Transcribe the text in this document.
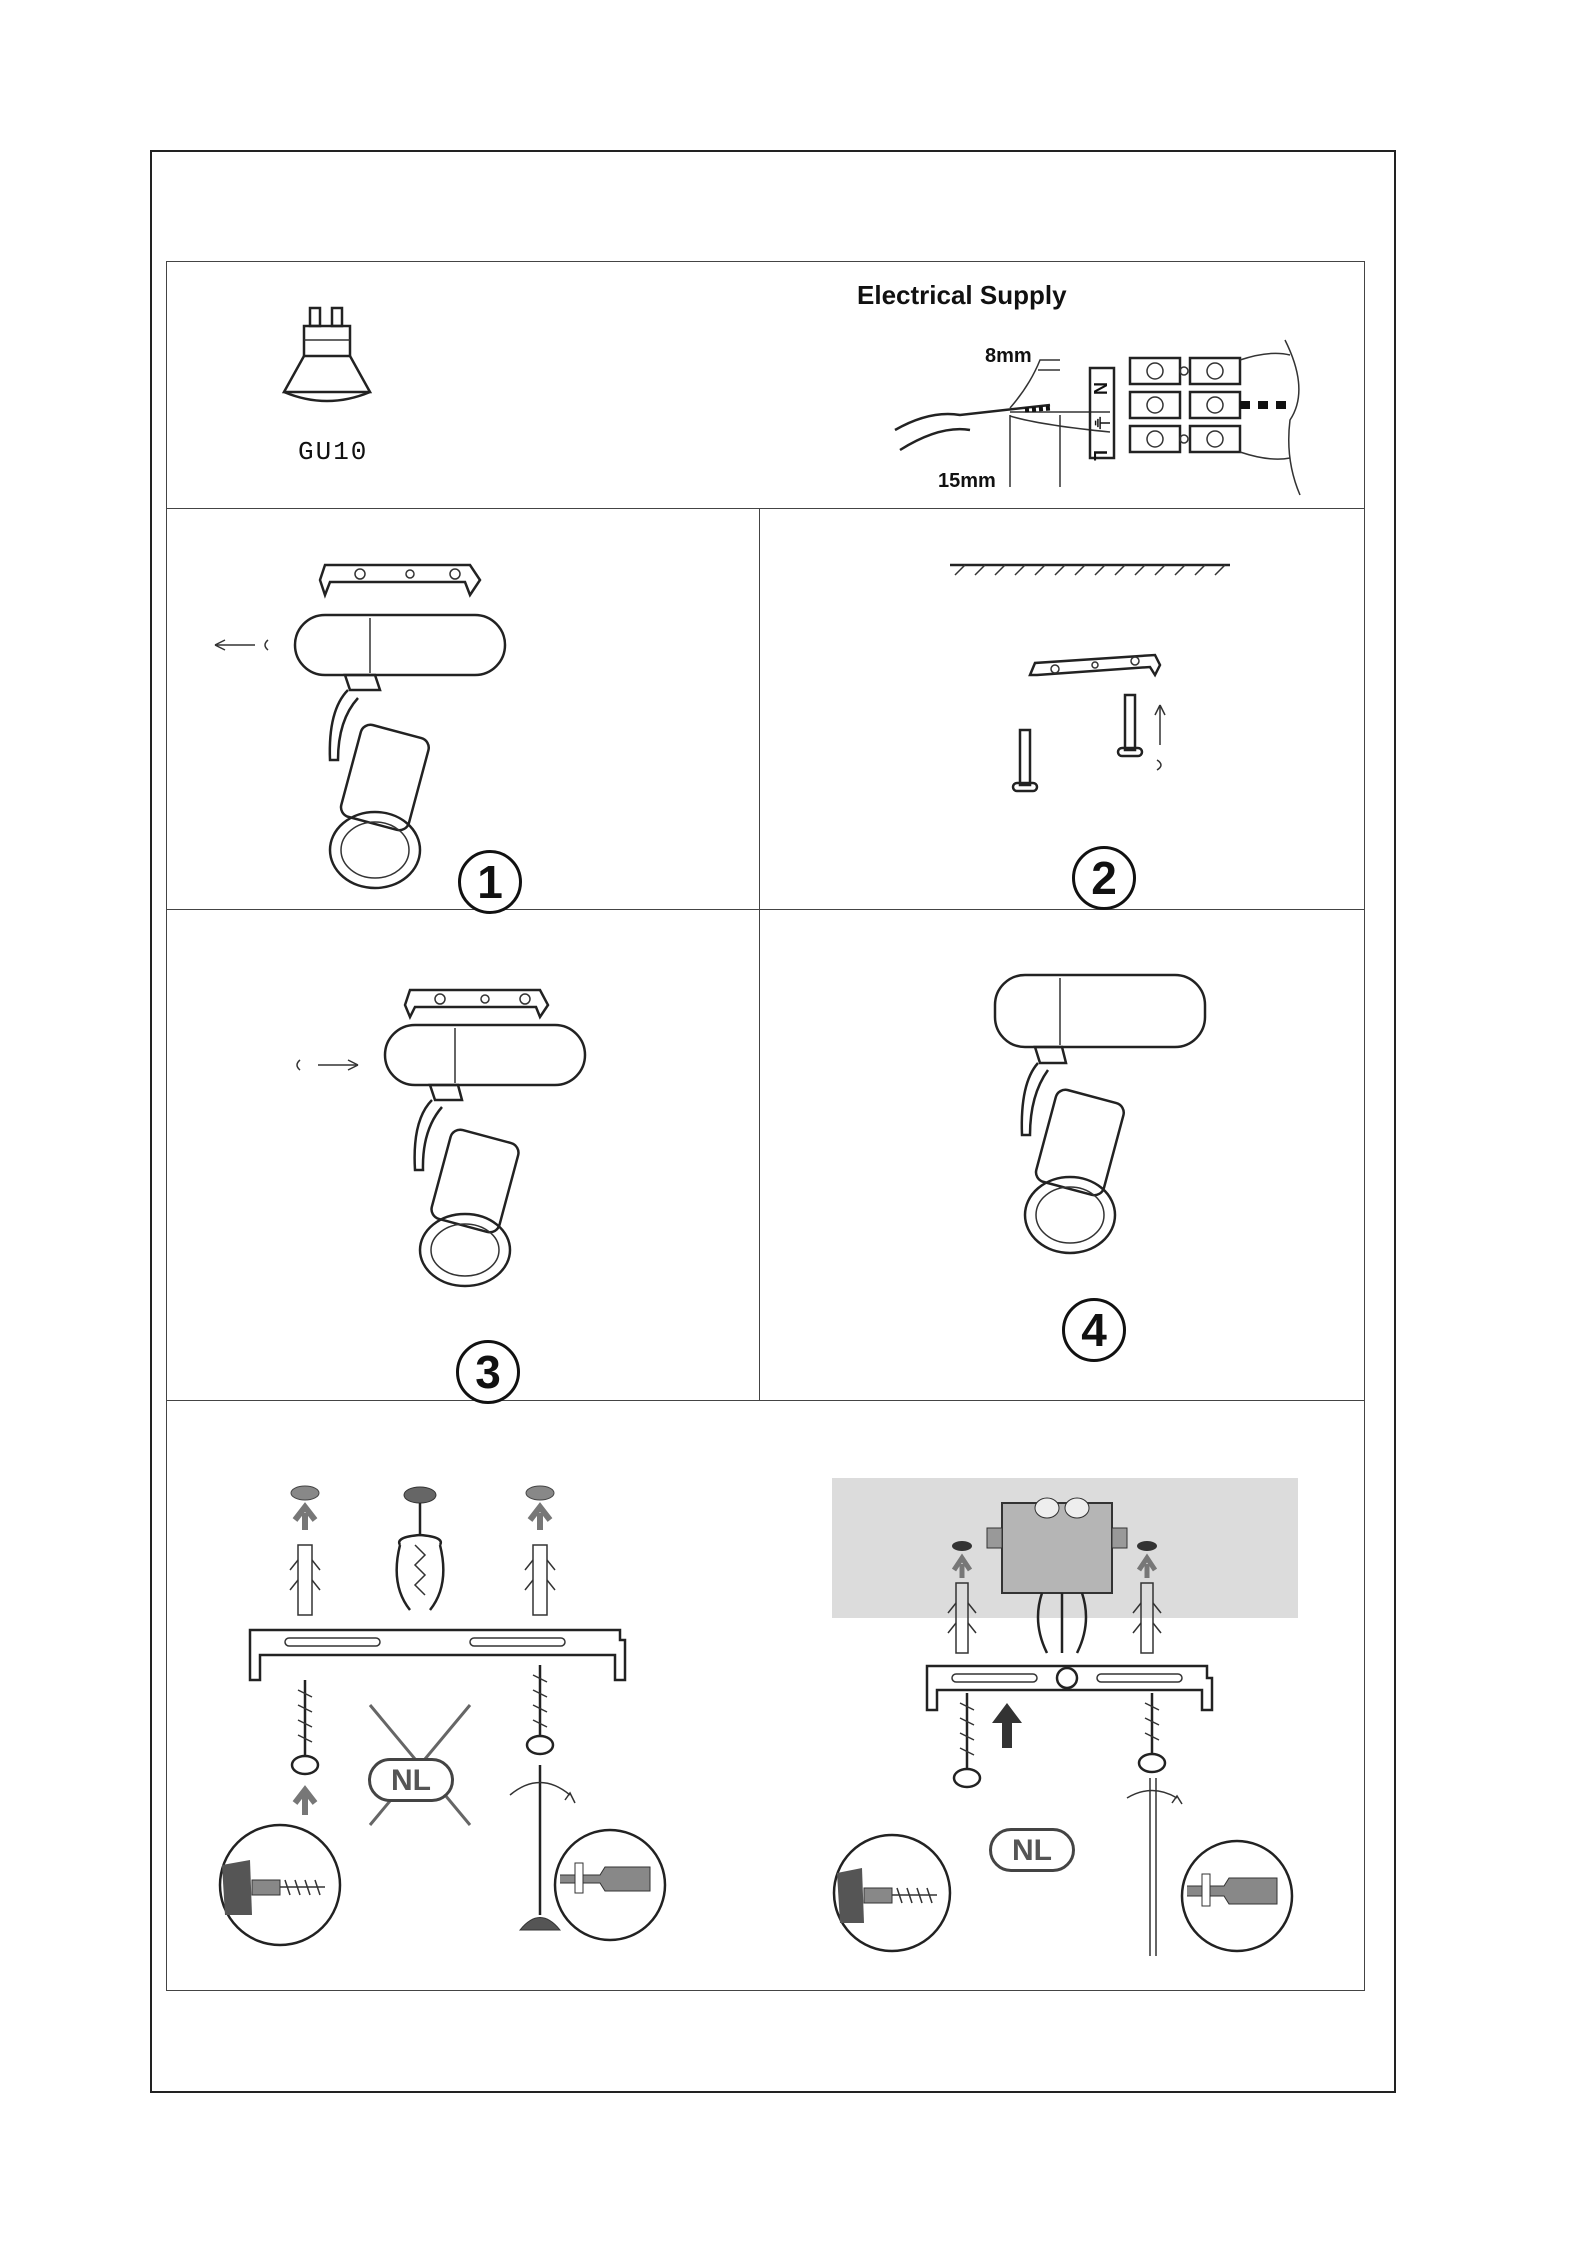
GU10
Electrical Supply
8mm
15mm
N
⏚
L
1	2
3
4
NL
NL
